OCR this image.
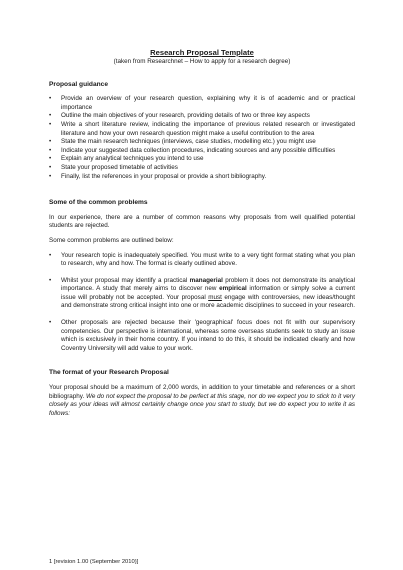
Research Proposal Template
(taken from Researchnet – How to apply for a research degree)
Proposal guidance
• Provide an overview of your research question, explaining why it is of academic and or practical importance
• Outline the main objectives of your research, providing details of two or three key aspects
• Write a short literature review, indicating the importance of previous related research or investigated literature and how your own research question might make a useful contribution to the area
• State the main research techniques (interviews, case studies, modelling etc.) you might use
• Indicate your suggested data collection procedures, indicating sources and any possible difficulties
• Explain any analytical techniques you intend to use
• State your proposed timetable of activities
• Finally, list the references in your proposal or provide a short bibliography.
Some of the common problems
In our experience, there are a number of common reasons why proposals from well qualified potential students are rejected.
Some common problems are outlined below:
• Your research topic is inadequately specified. You must write to a very tight format stating what you plan to research, why and how. The format is clearly outlined above.
• Whilst your proposal may identify a practical managerial problem it does not demonstrate its analytical importance. A study that merely aims to discover new empirical information or simply solve a current issue will probably not be accepted. Your proposal must engage with controversies, new ideas/thought and demonstrate strong critical insight into one or more academic disciplines to succeed in your research.
• Other proposals are rejected because their 'geographical' focus does not fit with our supervisory competencies. Our perspective is international, whereas some overseas students seek to study an issue which is exclusively in their home country. If you intend to do this, it should be indicated clearly and how Coventry University will add value to your work.
The format of your Research Proposal
Your proposal should be a maximum of 2,000 words, in addition to your timetable and references or a short bibliography. We do not expect the proposal to be perfect at this stage, nor do we expect you to stick to it very closely as your ideas will almost certainly change once you start to study, but we do expect you to write it as follows:
1 [revision 1.00 (September 2010)]
